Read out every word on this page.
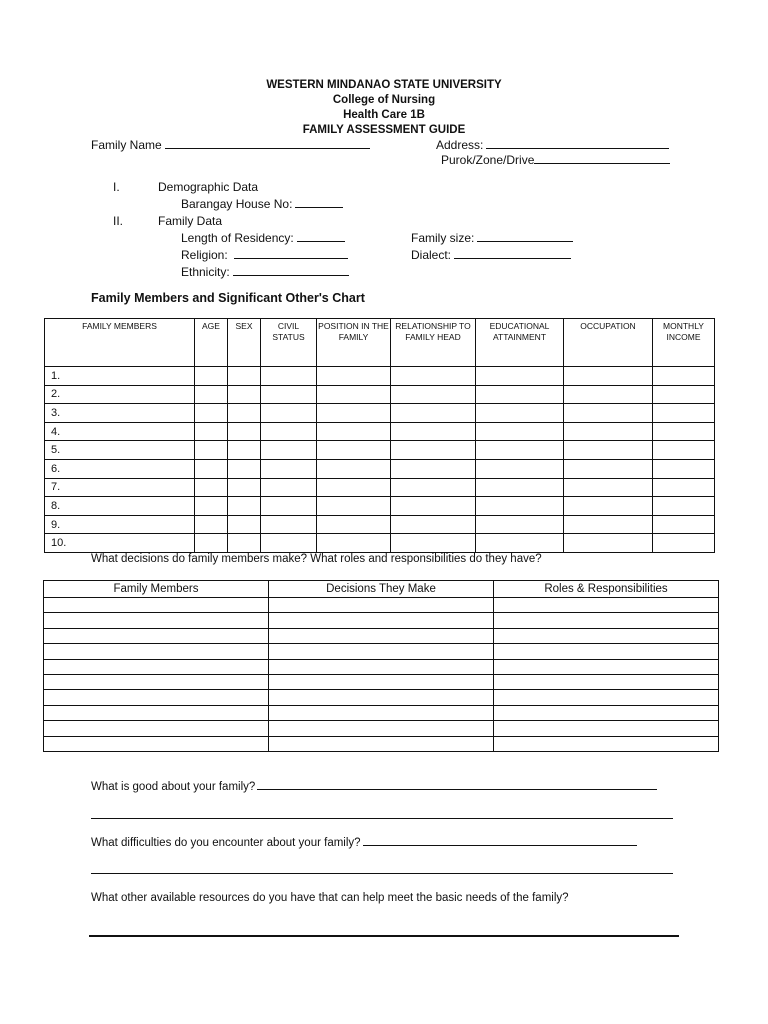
WESTERN MINDANAO STATE UNIVERSITY
College of Nursing
Health Care 1B
FAMILY ASSESSMENT GUIDE
Family Name	Address:
Purok/Zone/Drive
I.	Demographic Data
Barangay House No:
II.	Family Data
Length of Residency:
Religion:
Ethnicity:
Family size:
Dialect:
Family Members and Significant Other's Chart
FAMILY MEMBERS	AGE	SEX	CIVIL STATUS	POSITION IN THE FAMILY	RELATIONSHIP TO FAMILY HEAD	EDUCATIONAL ATTAINMENT	OCCUPATION	MONTHLY INCOME
1.								
2.								
3.								
4.								
5.								
6.								
7.								
8.								
9.								
10.								
What decisions do family members make? What roles and responsibilities do they have?
Family Members	Decisions They Make	Roles & Responsibilities

What is good about your family?
What difficulties do you encounter about your family?
What other available resources do you have that can help meet the basic needs of the family?
